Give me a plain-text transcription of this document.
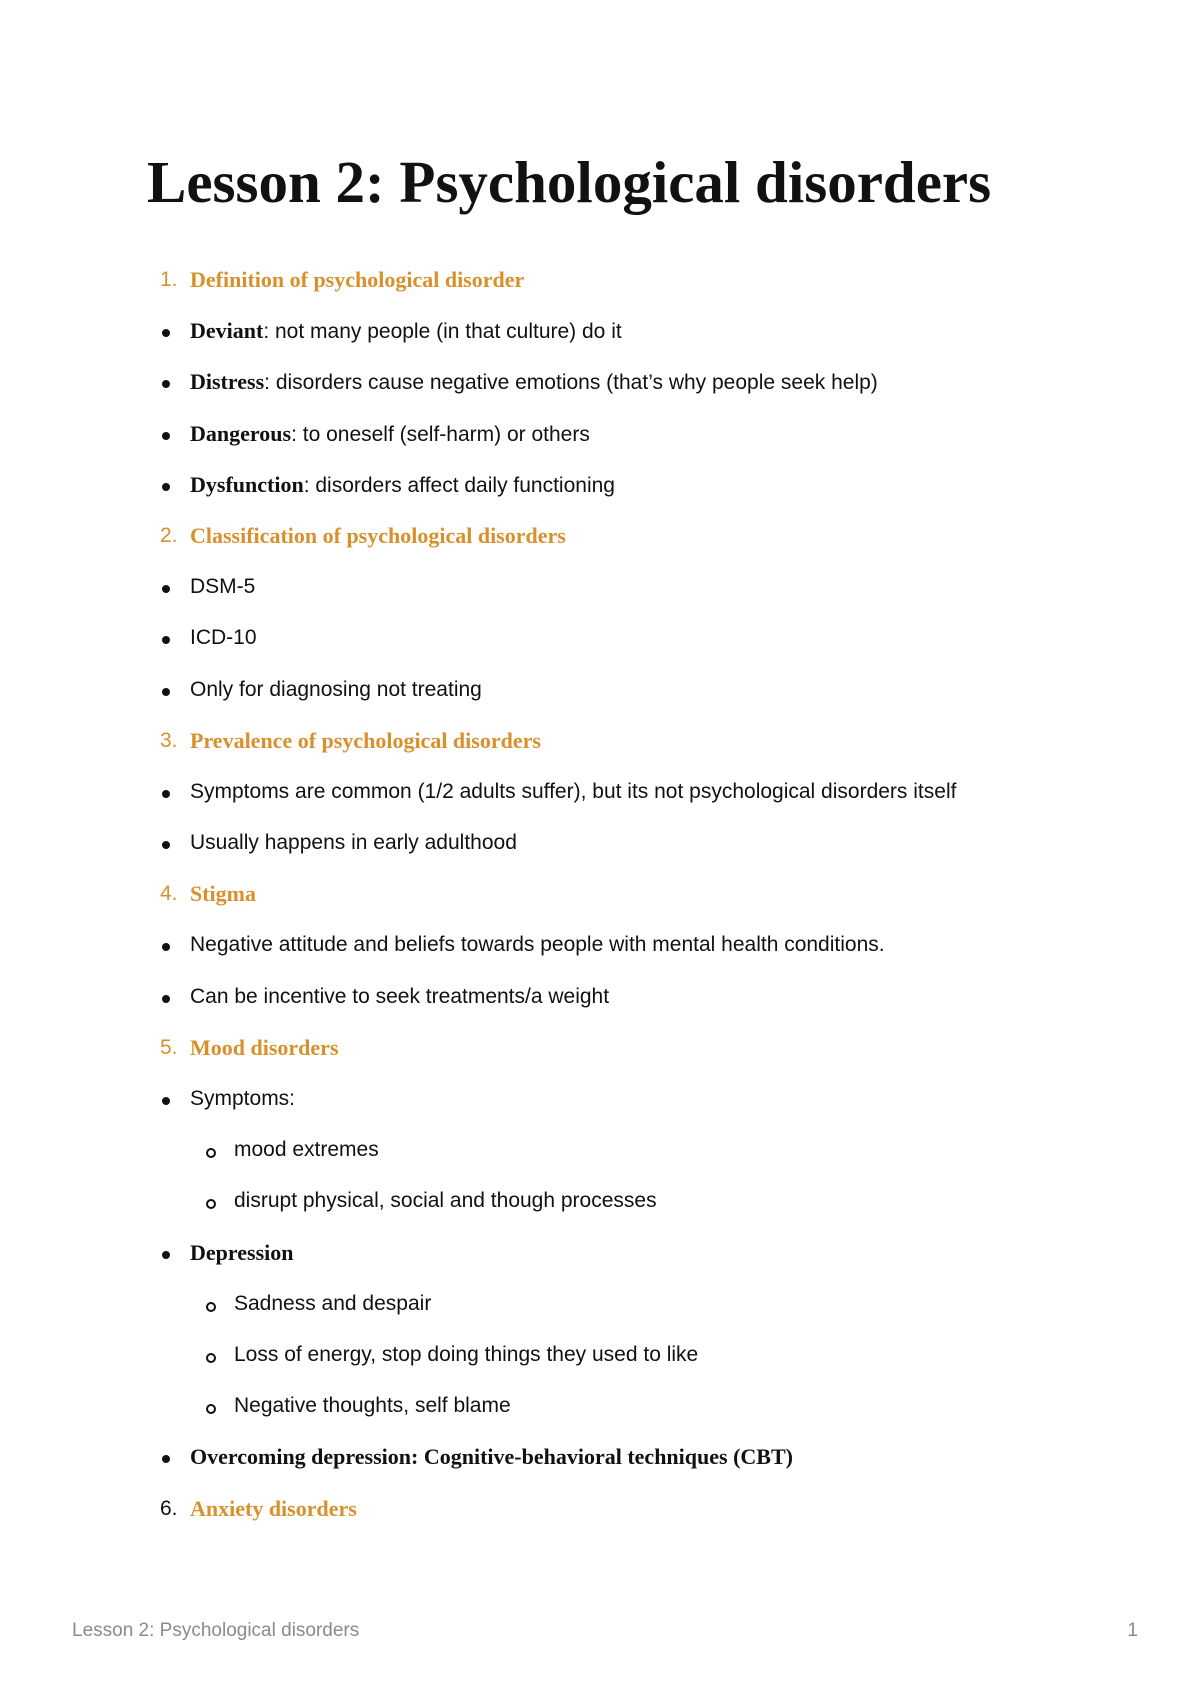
Lesson 2: Psychological disorders
1. Definition of psychological disorder
Deviant: not many people (in that culture) do it
Distress: disorders cause negative emotions (that’s why people seek help)
Dangerous: to oneself (self-harm) or others
Dysfunction: disorders affect daily functioning
2. Classification of psychological disorders
DSM-5
ICD-10
Only for diagnosing not treating
3. Prevalence of psychological disorders
Symptoms are common (1/2 adults suffer), but its not psychological disorders itself
Usually happens in early adulthood
4. Stigma
Negative attitude and beliefs towards people with mental health conditions.
Can be incentive to seek treatments/a weight
5. Mood disorders
Symptoms:
mood extremes
disrupt physical, social and though processes
Depression
Sadness and despair
Loss of energy, stop doing things they used to like
Negative thoughts, self blame
Overcoming depression: Cognitive-behavioral techniques (CBT)
6. Anxiety disorders
Lesson 2: Psychological disorders	1
